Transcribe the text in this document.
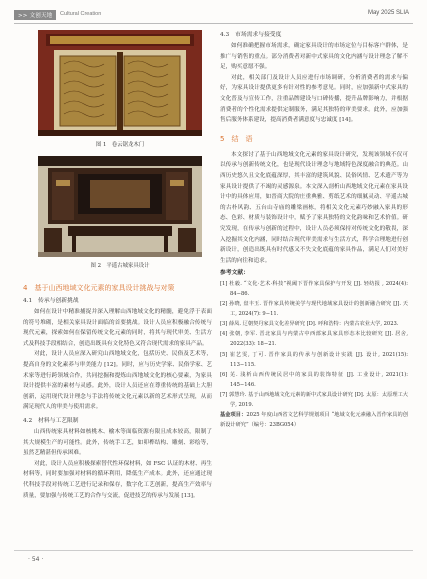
>> 文创天地	Cultural Creation	May 2025 SLIA
图 1　卷云锯龙木门
图 2　平遥古城家具设计
4　基于山西地域文化元素的家具设计挑战与对策
4.1　传承与创新挑战

如何在设计中精准捕捉并深入理解山西地域文化的精髓，避免浮于表面的符号堆砌，是相关家具设计面临的首要挑战。设计人员应积极融合传统与现代元素，探索如何在保留传统文化元素的同时，将其与现代审美、生活方式及科技手段相结合，创造出既具有文化特色又符合现代需求的家具产品。

对此，设计人员应深入研究山西地域文化，包括历史、民俗及艺术等，提高自身的文化素养与审美能力 [12]。同时，应与历史学家、民俗学家、艺术家等进行跨领域合作，共同挖掘和提炼山西地域文化的核心要素，为家具设计提供丰富的素材与灵感。此外，设计人员还应在尊重传统的基础上大胆创新，运用现代设计理念与手法将传统文化元素以新的艺术形式呈现，从而满足现代人的审美与使用需求。

4.2　材料与工艺限制

山西传统家具材料如核桃木、榆木等面临资源有限且成本较高，限制了其大规模生产的可能性。此外，传统手工艺，如卯榫结构、雕刻、彩绘等，虽然艺精湛但传承困难。

对此，设计人员应积极探索替代性环保材料，如 FSC 认证的木材、再生材料等，同时要加强对材料的循环利用，降低生产成本。此外，还应通过现代科技手段对传统工艺进行记录和保存，数字化工艺创新，提高生产效率与质量，要加强与传统工艺的合作与交流，促进技艺的传承与发展 [13]。

4.3　市场需求与接受度

如何准确把握市场需求，确定家具设计的市场定位与目标客户群体，是推广与销售的重点。部分消费者对新中式家具的文化内涵与设计理念了解不足，购买意愿不强。

对此，相关部门及设计人员应进行市场调研，分析消费者的需求与偏好，为家具设计提供更多有针对性的参考意见。同时，应加强新中式家具的文化普及与宣传工作，注重品牌建设与口碑传播，提升品牌影响力，并根据消费者的个性化需求提供定制服务，满足其独特的审美要求。此外，应加强售后服务体系建设，提高消费者满意度与忠诚度 [14]。

5　结　语

本文探讨了基于山西地域文化元素的家具设计研究，发现该领域不仅可以传承与创新传统文化，也是现代设计理念与地域特色深度融合的典范。山西历史悠久且文化底蕴深厚，其丰富的建筑风貌、民俗风情、艺术遗产等为家具设计提供了不竭的灵感源泉。本文深入剖析山西地域文化元素在家具设计中的具体应用，如晋商大院的庄重典雅、剪纸艺术的细腻灵动、平遥古城的古朴风韵、五台山寺庙的雕梁画栋，将相关文化元素巧妙融入家具的形态、色彩、材质与装饰设计中，赋予了家具独特的文化韵味和艺术价值。研究发现，在传承与创新的过程中，设计人员必须保持对传统文化的敬畏，深入挖掘其文化内涵，同时结合现代审美需求与生活方式，科学合理地进行创新设计，创造出既具有时代感又不失文化底蕴的家具作品，满足人们对美好生活的向往和追求。

参考文献：
[1] 杜毅. “文化·艺术·科技”视阈下晋作家具保护与开发 [J]. 轻纺报 , 2024(4): 84−86.
[2] 孙晓, 盘丰玉. 晋作家具传统美学与现代地域家具设计的创新融合研究 [J]. 天工, 2024(7): 9−11.
[3] 薛凤. 辽朝契丹家具文化差异研究 [D]. 呼和浩特：内蒙古农业大学, 2023.
[4] 张朝, 李军. 晋北家具与内蒙古中西部家具家具形态本比较研究 [J]. 居舍, 2022(33): 18−21.
[5] 崔艺雯, 丁可. 晋作家具的传承与创新设计实践 [J]. 设计, 2021(15): 113−115.
[6] 芜. 浅析山西传统民居中的家具的装饰特征 [J]. 工业设计, 2021(1): 145−146.
[7] 郭慧玲. 基于山西地域文化元素的新中式家具设计研究 [D]. 太原：太原理工大学, 2019.
基金项目：2025 年度山西省文艺科学规划项目 “地域文化元素融入晋作家具的创新设计研究”（编号：23BG054）
· 54 ·
